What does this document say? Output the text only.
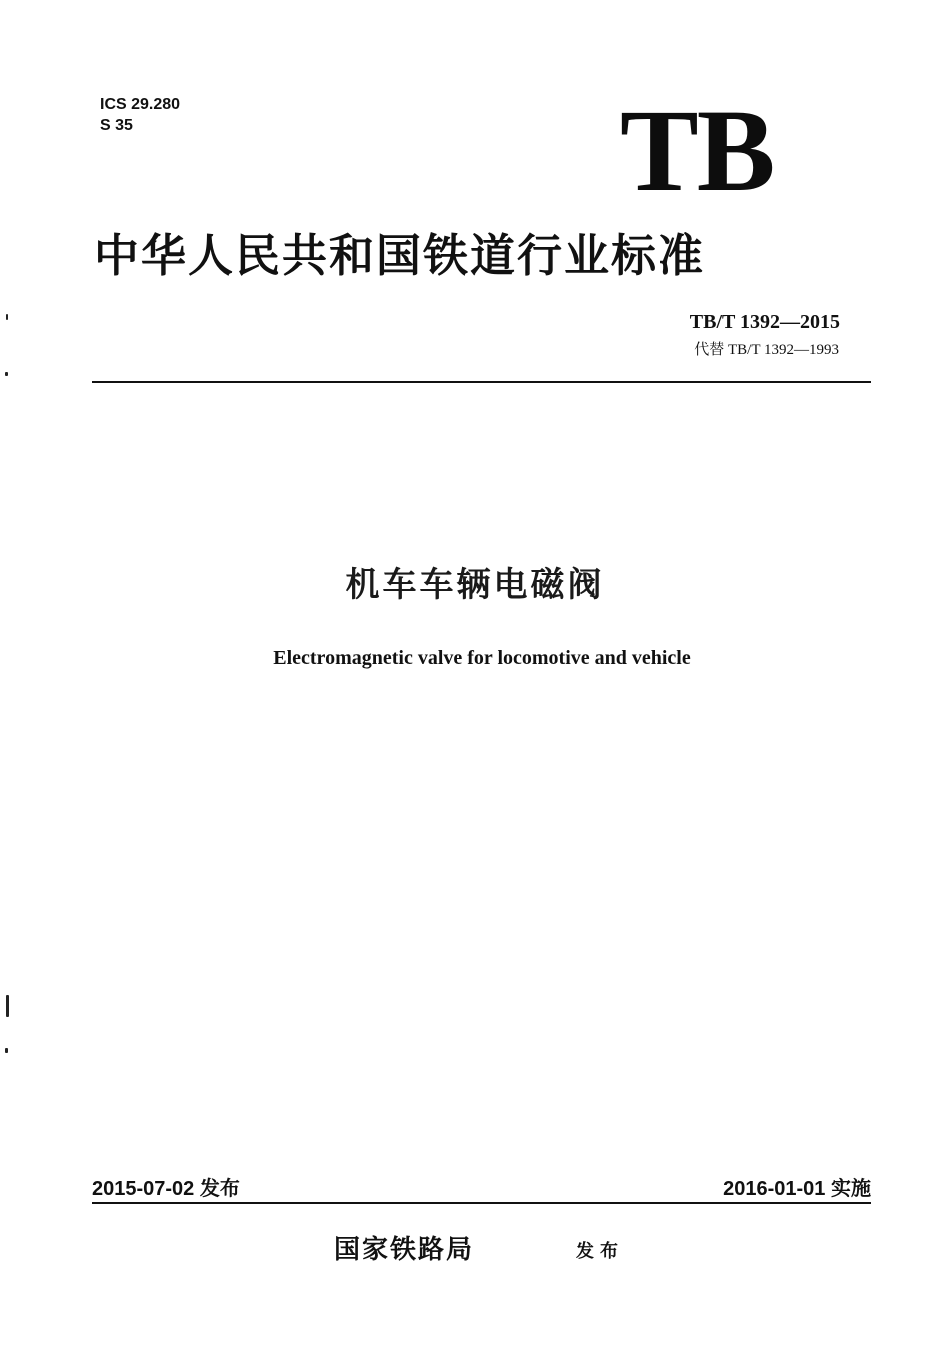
ICS 29.280
S 35	TB
中华人民共和国铁道行业标准
TB/T 1392—2015
代替 TB/T 1392—1993
机车车辆电磁阀
Electromagnetic valve for locomotive and vehicle
2015-07-02 发布	2016-01-01 实施
国家铁路局	发布
